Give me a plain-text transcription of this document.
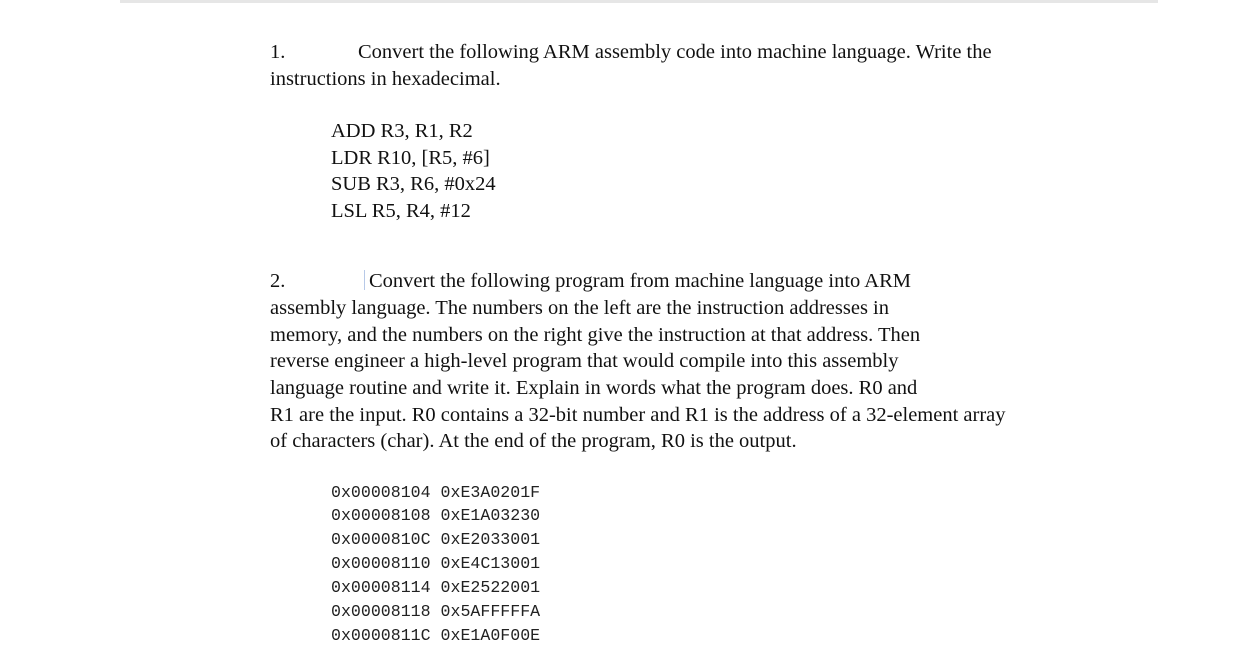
1.	Convert the following ARM assembly code into machine language. Write the
instructions in hexadecimal.
ADD R3, R1, R2
LDR R10, [R5, #6]
SUB R3, R6, #0x24
LSL R5, R4, #12
2.	Convert the following program from machine language into ARM
assembly language. The numbers on the left are the instruction addresses in
memory, and the numbers on the right give the instruction at that address. Then
reverse engineer a high-level program that would compile into this assembly
language routine and write it. Explain in words what the program does. R0 and
R1 are the input. R0 contains a 32-bit number and R1 is the address of a 32-element array
of characters (char). At the end of the program, R0 is the output.
0x00008104 0xE3A0201F
0x00008108 0xE1A03230
0x0000810C 0xE2033001
0x00008110 0xE4C13001
0x00008114 0xE2522001
0x00008118 0x5AFFFFFA
0x0000811C 0xE1A0F00E
